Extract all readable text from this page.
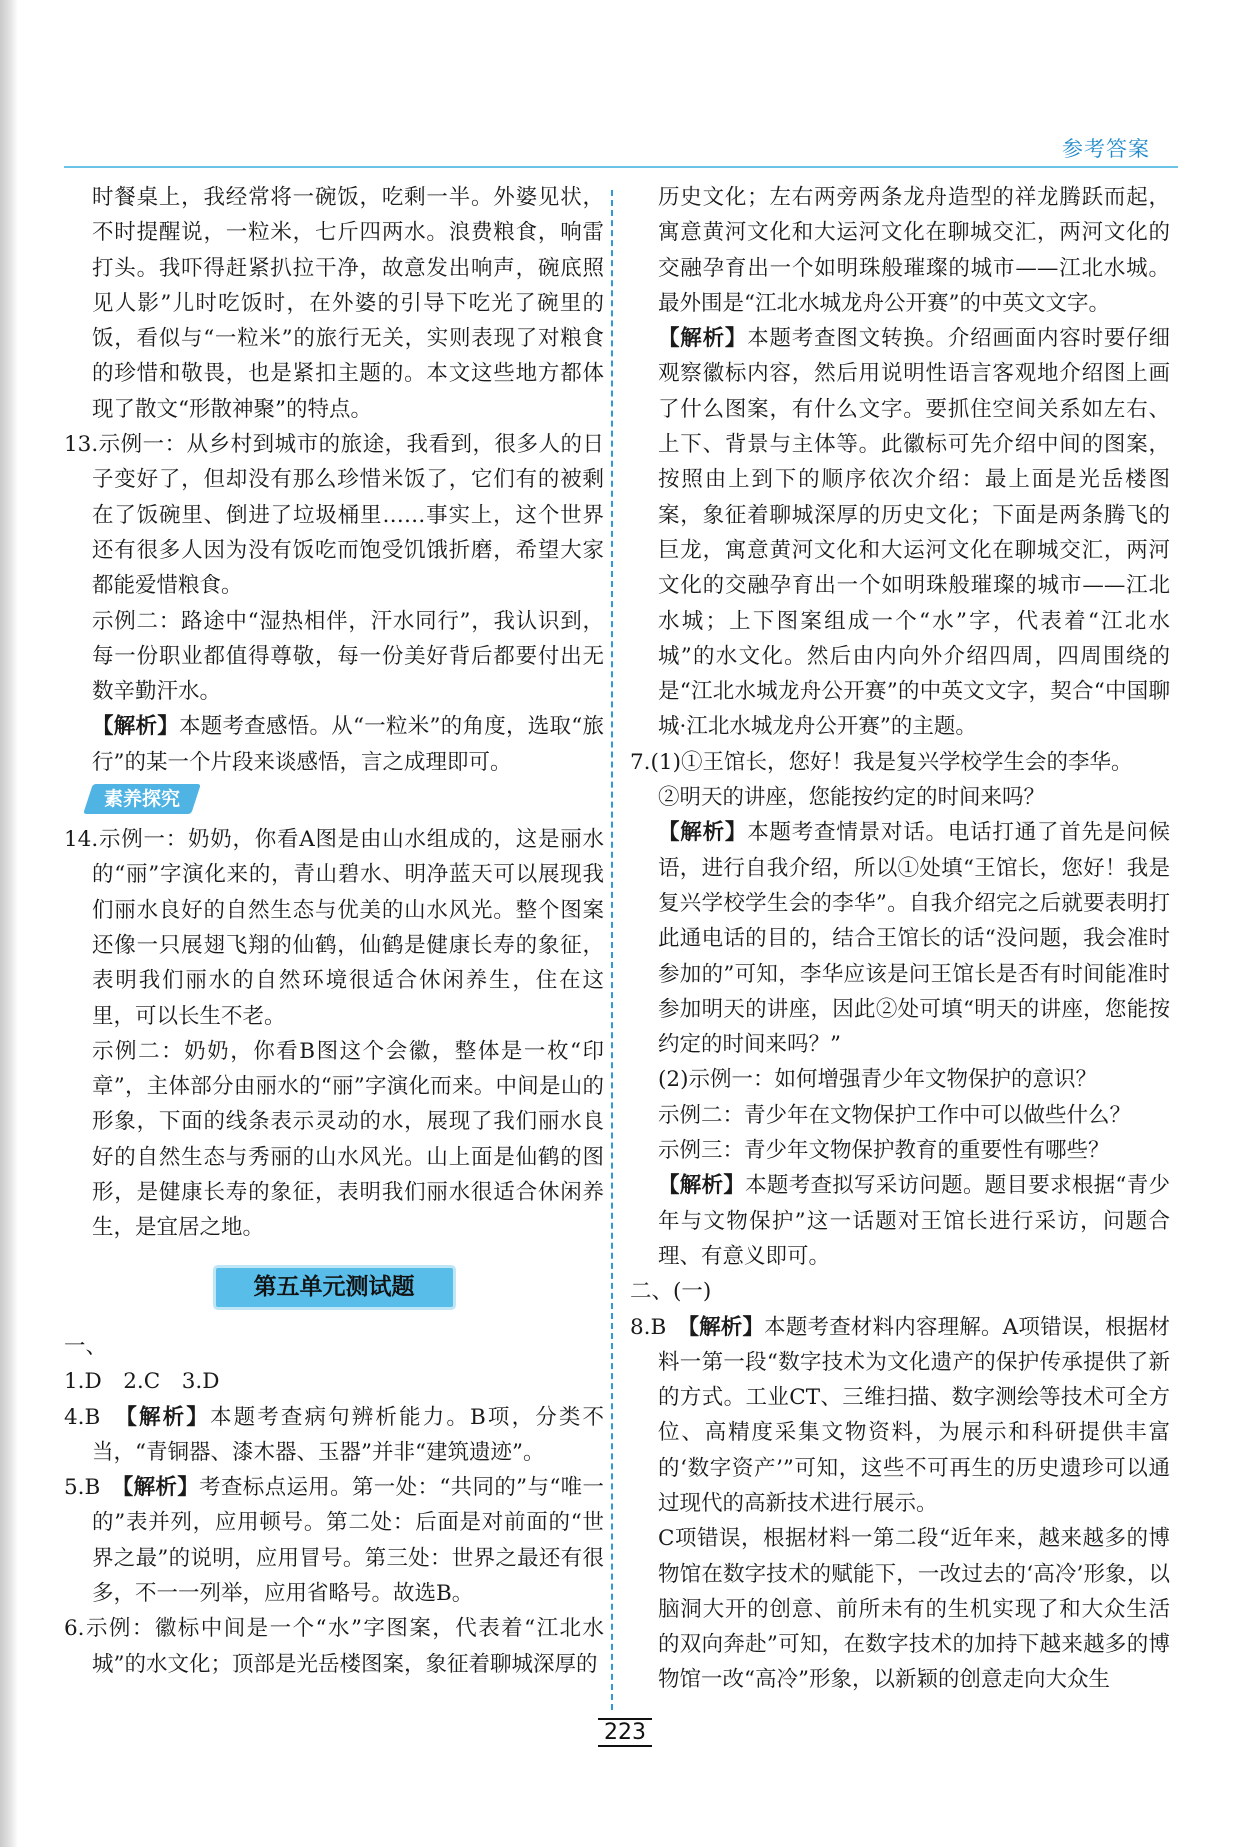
参考答案

时餐桌上，我经常将一碗饭，吃剩一半。外婆见状，不时提醒说，一粒米，七斤四两水。浪费粮食，响雷打头。我吓得赶紧扒拉干净，故意发出响声，碗底照见人影”儿时吃饭时，在外婆的引导下吃光了碗里的饭，看似与“一粒米”的旅行无关，实则表现了对粮食的珍惜和敬畏，也是紧扣主题的。本文这些地方都体现了散文“形散神聚”的特点。

13.示例一：从乡村到城市的旅途，我看到，很多人的日子变好了，但却没有那么珍惜米饭了，它们有的被剩在了饭碗里、倒进了垃圾桶里……事实上，这个世界还有很多人因为没有饭吃而饱受饥饿折磨，希望大家都能爱惜粮食。

示例二：路途中“湿热相伴，汗水同行”，我认识到，每一份职业都值得尊敬，每一份美好背后都要付出无数辛勤汗水。

【解析】本题考查感悟。从“一粒米”的角度，选取“旅行”的某一个片段来谈感悟，言之成理即可。

素养探究

14.示例一：奶奶，你看A图是由山水组成的，这是丽水的“丽”字演化来的，青山碧水、明净蓝天可以展现我们丽水良好的自然生态与优美的山水风光。整个图案还像一只展翅飞翔的仙鹤，仙鹤是健康长寿的象征，表明我们丽水的自然环境很适合休闲养生，住在这里，可以长生不老。

示例二：奶奶，你看B图这个会徽，整体是一枚“印章”，主体部分由丽水的“丽”字演化而来。中间是山的形象，下面的线条表示灵动的水，展现了我们丽水良好的自然生态与秀丽的山水风光。山上面是仙鹤的图形，是健康长寿的象征，表明我们丽水很适合休闲养生，是宜居之地。

第五单元测试题

一、

1.D　2.C　3.D

4.B　【解析】本题考查病句辨析能力。B项，分类不当，“青铜器、漆木器、玉器”并非“建筑遗迹”。

5.B　【解析】考查标点运用。第一处：“共同的”与“唯一的”表并列，应用顿号。第二处：后面是对前面的“世界之最”的说明，应用冒号。第三处：世界之最还有很多，不一一列举，应用省略号。故选B。

6.示例：徽标中间是一个“水”字图案，代表着“江北水城”的水文化；顶部是光岳楼图案，象征着聊城深厚的

历史文化；左右两旁两条龙舟造型的祥龙腾跃而起，寓意黄河文化和大运河文化在聊城交汇，两河文化的交融孕育出一个如明珠般璀璨的城市——江北水城。最外围是“江北水城龙舟公开赛”的中英文文字。

【解析】本题考查图文转换。介绍画面内容时要仔细观察徽标内容，然后用说明性语言客观地介绍图上画了什么图案，有什么文字。要抓住空间关系如左右、上下、背景与主体等。此徽标可先介绍中间的图案，按照由上到下的顺序依次介绍：最上面是光岳楼图案，象征着聊城深厚的历史文化；下面是两条腾飞的巨龙，寓意黄河文化和大运河文化在聊城交汇，两河文化的交融孕育出一个如明珠般璀璨的城市——江北水城；上下图案组成一个“水”字，代表着“江北水城”的水文化。然后由内向外介绍四周，四周围绕的是“江北水城龙舟公开赛”的中英文文字，契合“中国聊城·江北水城龙舟公开赛”的主题。

7.(1)①王馆长，您好！我是复兴学校学生会的李华。

②明天的讲座，您能按约定的时间来吗？

【解析】本题考查情景对话。电话打通了首先是问候语，进行自我介绍，所以①处填“王馆长，您好！我是复兴学校学生会的李华”。自我介绍完之后就要表明打此通电话的目的，结合王馆长的话“没问题，我会准时参加的”可知，李华应该是问王馆长是否有时间能准时参加明天的讲座，因此②处可填“明天的讲座，您能按约定的时间来吗？”

(2)示例一：如何增强青少年文物保护的意识？

示例二：青少年在文物保护工作中可以做些什么？

示例三：青少年文物保护教育的重要性有哪些？

【解析】本题考查拟写采访问题。题目要求根据“青少年与文物保护”这一话题对王馆长进行采访，问题合理、有意义即可。

二、(一)

8.B　【解析】本题考查材料内容理解。A项错误，根据材料一第一段“数字技术为文化遗产的保护传承提供了新的方式。工业CT、三维扫描、数字测绘等技术可全方位、高精度采集文物资料，为展示和科研提供丰富的‘数字资产’”可知，这些不可再生的历史遗珍可以通过现代的高新技术进行展示。

C项错误，根据材料一第二段“近年来，越来越多的博物馆在数字技术的赋能下，一改过去的‘高冷’形象，以脑洞大开的创意、前所未有的生机实现了和大众生活的双向奔赴”可知，在数字技术的加持下越来越多的博物馆一改“高冷”形象，以新颖的创意走向大众生

223
